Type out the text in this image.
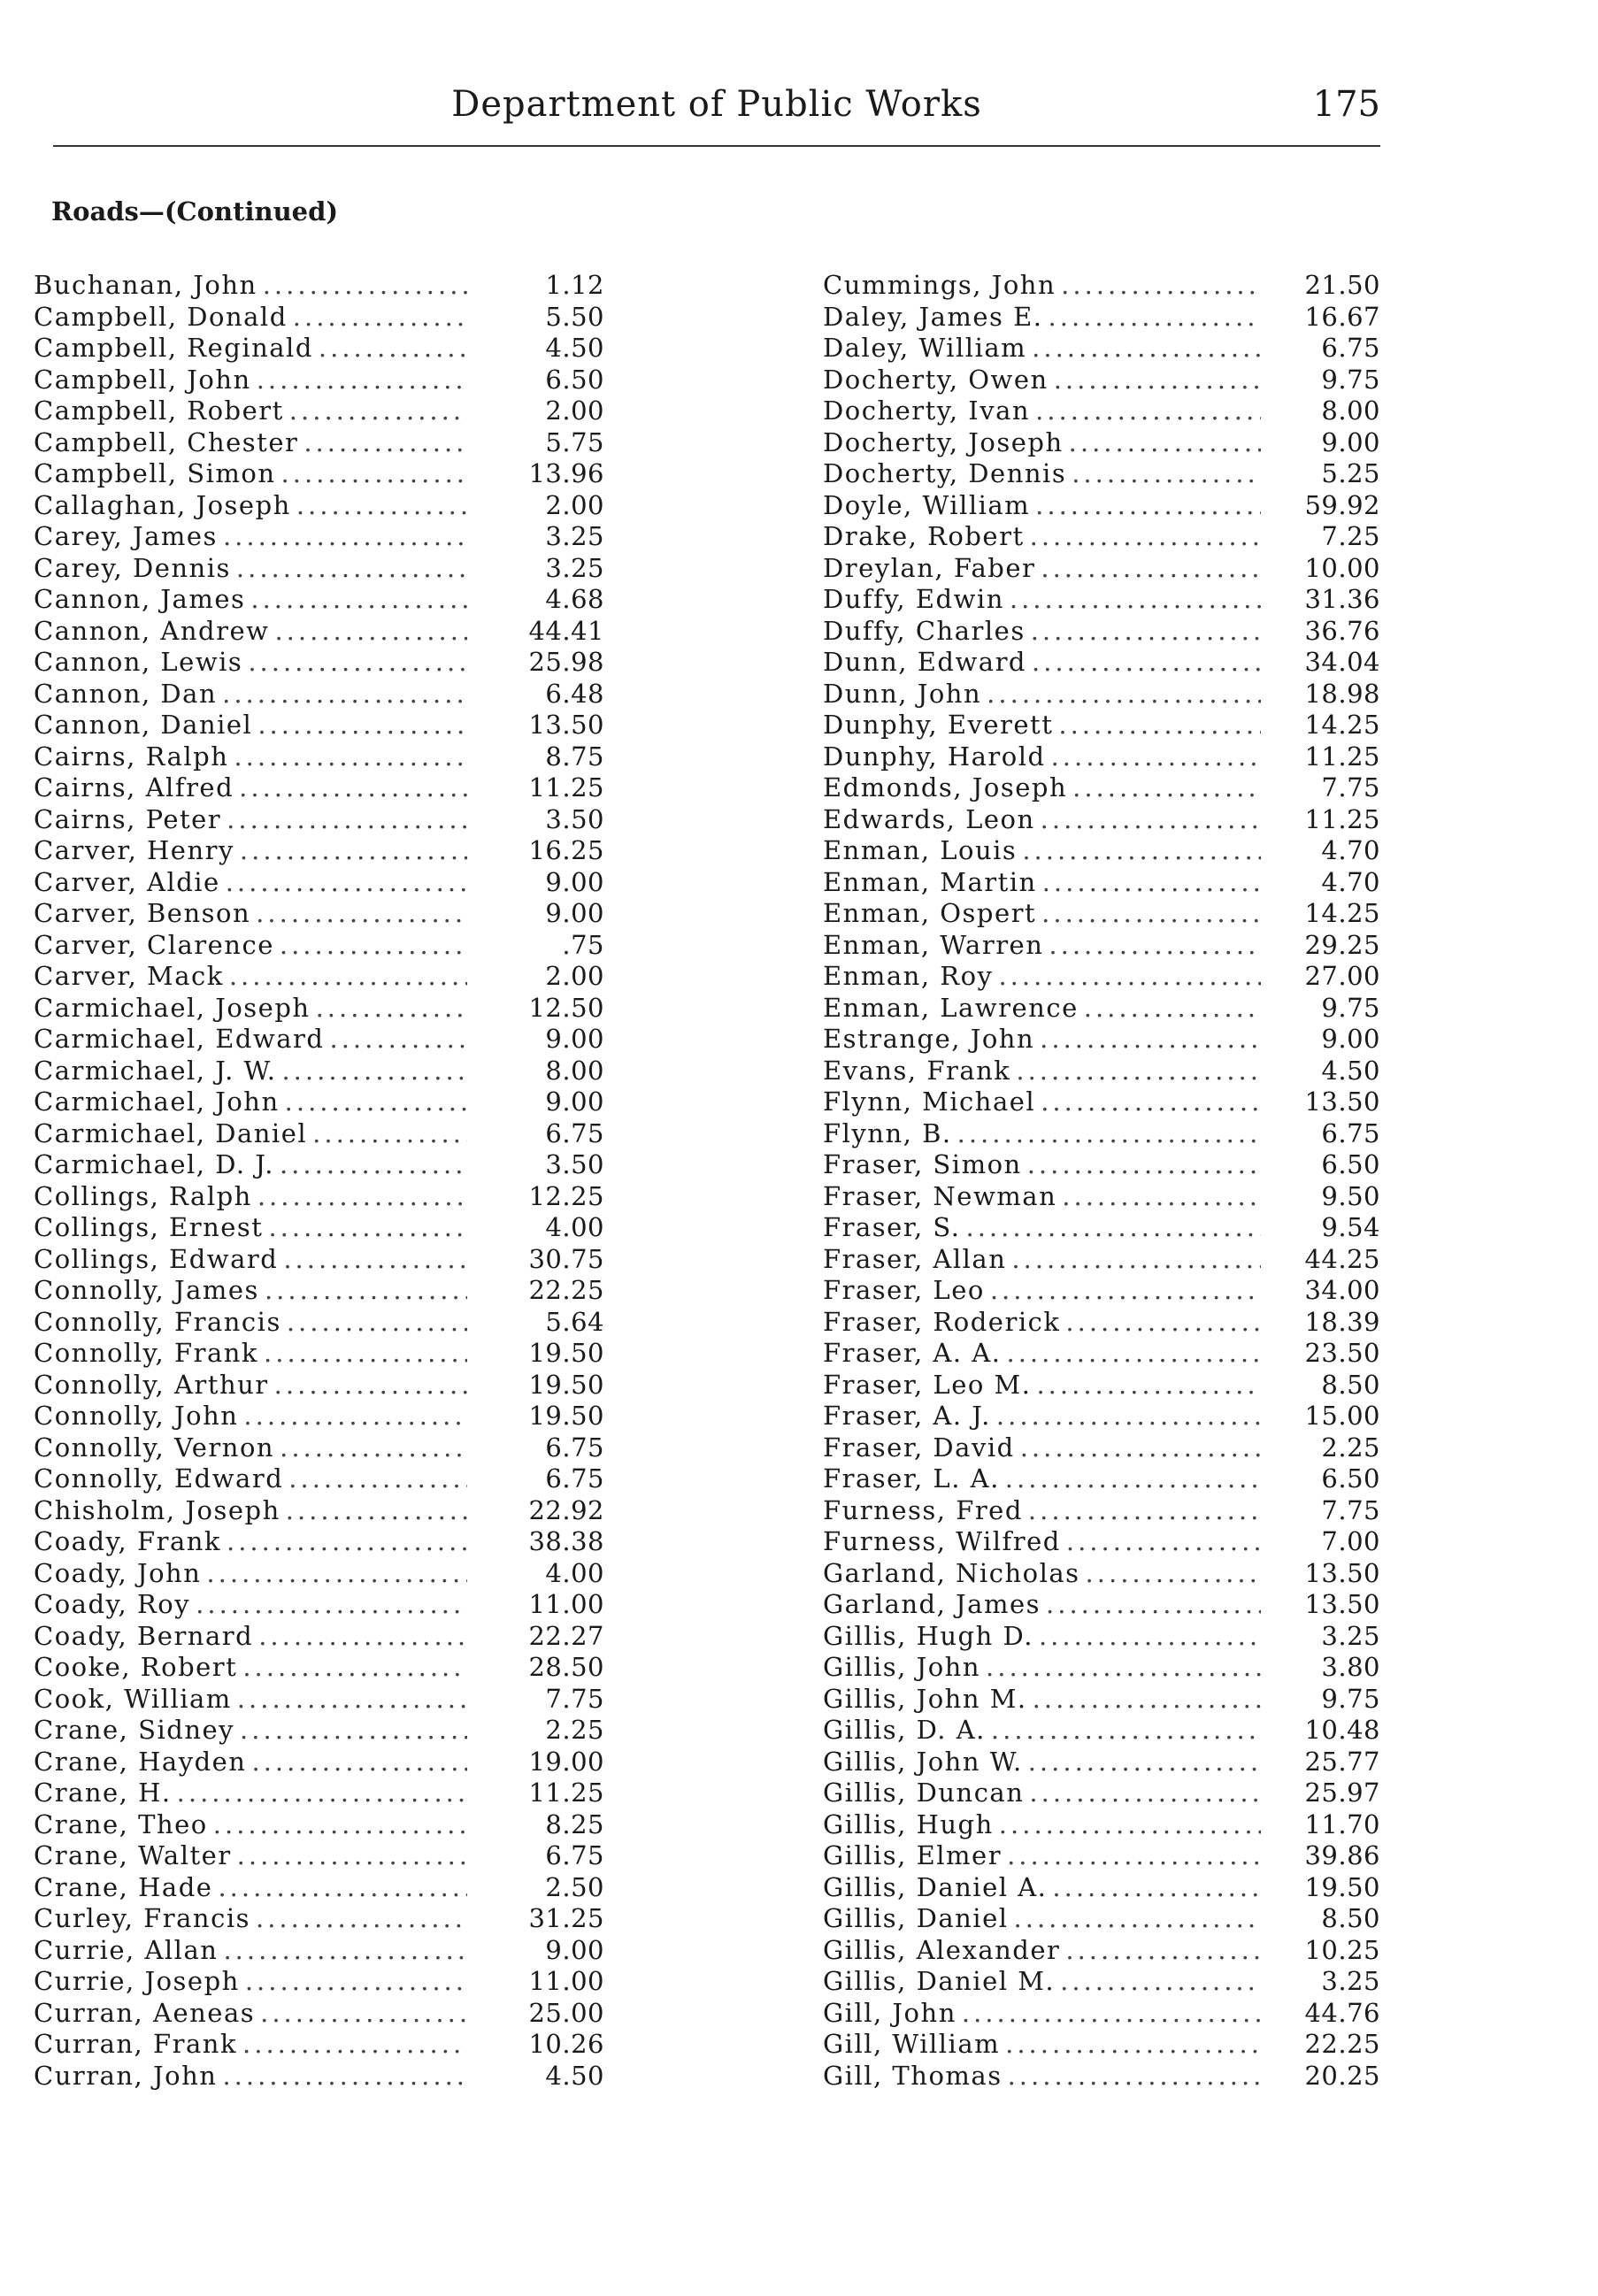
Department of Public Works	175
Roads—(Continued)
Buchanan, John .....	1.12
Campbell, Donald .....	5.50
Campbell, Reginald .....	4.50
Campbell, John .....	6.50
Campbell, Robert .....	2.00
Campbell, Chester .....	5.75
Campbell, Simon .....	13.96
Callaghan, Joseph .....	2.00
Carey, James .....	3.25
Carey, Dennis .....	3.25
Cannon, James .....	4.68
Cannon, Andrew .....	44.41
Cannon, Lewis .....	25.98
Cannon, Dan .....	6.48
Cannon, Daniel .....	13.50
Cairns, Ralph .....	8.75
Cairns, Alfred .....	11.25
Cairns, Peter .....	3.50
Carver, Henry .....	16.25
Carver, Aldie .....	9.00
Carver, Benson .....	9.00
Carver, Clarence .....	.75
Carver, Mack .....	2.00
Carmichael, Joseph .....	12.50
Carmichael, Edward .....	9.00
Carmichael, J. W. .....	8.00
Carmichael, John .....	9.00
Carmichael, Daniel .....	6.75
Carmichael, D. J. .....	3.50
Collings, Ralph .....	12.25
Collings, Ernest .....	4.00
Collings, Edward .....	30.75
Connolly, James .....	22.25
Connolly, Francis .....	5.64
Connolly, Frank .....	19.50
Connolly, Arthur .....	19.50
Connolly, John .....	19.50
Connolly, Vernon .....	6.75
Connolly, Edward .....	6.75
Chisholm, Joseph .....	22.92
Coady, Frank .....	38.38
Coady, John .....	4.00
Coady, Roy .....	11.00
Coady, Bernard .....	22.27
Cooke, Robert .....	28.50
Cook, William .....	7.75
Crane, Sidney .....	2.25
Crane, Hayden .....	19.00
Crane, H. .....	11.25
Crane, Theo .....	8.25
Crane, Walter .....	6.75
Crane, Hade .....	2.50
Curley, Francis .....	31.25
Currie, Allan .....	9.00
Currie, Joseph .....	11.00
Curran, Aeneas .....	25.00
Curran, Frank .....	10.26
Curran, John .....	4.50
Cummings, John .....	21.50
Daley, James E. .....	16.67
Daley, William .....	6.75
Docherty, Owen .....	9.75
Docherty, Ivan .....	8.00
Docherty, Joseph .....	9.00
Docherty, Dennis .....	5.25
Doyle, William .....	59.92
Drake, Robert .....	7.25
Dreylan, Faber .....	10.00
Duffy, Edwin .....	31.36
Duffy, Charles .....	36.76
Dunn, Edward .....	34.04
Dunn, John .....	18.98
Dunphy, Everett .....	14.25
Dunphy, Harold .....	11.25
Edmonds, Joseph .....	7.75
Edwards, Leon .....	11.25
Enman, Louis .....	4.70
Enman, Martin .....	4.70
Enman, Ospert .....	14.25
Enman, Warren .....	29.25
Enman, Roy .....	27.00
Enman, Lawrence .....	9.75
Estrange, John .....	9.00
Evans, Frank .....	4.50
Flynn, Michael .....	13.50
Flynn, B. .....	6.75
Fraser, Simon .....	6.50
Fraser, Newman .....	9.50
Fraser, S. .....	9.54
Fraser, Allan .....	44.25
Fraser, Leo .....	34.00
Fraser, Roderick .....	18.39
Fraser, A. A. .....	23.50
Fraser, Leo M. .....	8.50
Fraser, A. J. .....	15.00
Fraser, David .....	2.25
Fraser, L. A. .....	6.50
Furness, Fred .....	7.75
Furness, Wilfred .....	7.00
Garland, Nicholas .....	13.50
Garland, James .....	13.50
Gillis, Hugh D. .....	3.25
Gillis, John .....	3.80
Gillis, John M. .....	9.75
Gillis, D. A. .....	10.48
Gillis, John W. .....	25.77
Gillis, Duncan .....	25.97
Gillis, Hugh .....	11.70
Gillis, Elmer .....	39.86
Gillis, Daniel A. .....	19.50
Gillis, Daniel .....	8.50
Gillis, Alexander .....	10.25
Gillis, Daniel M. .....	3.25
Gill, John .....	44.76
Gill, William .....	22.25
Gill, Thomas .....	20.25
